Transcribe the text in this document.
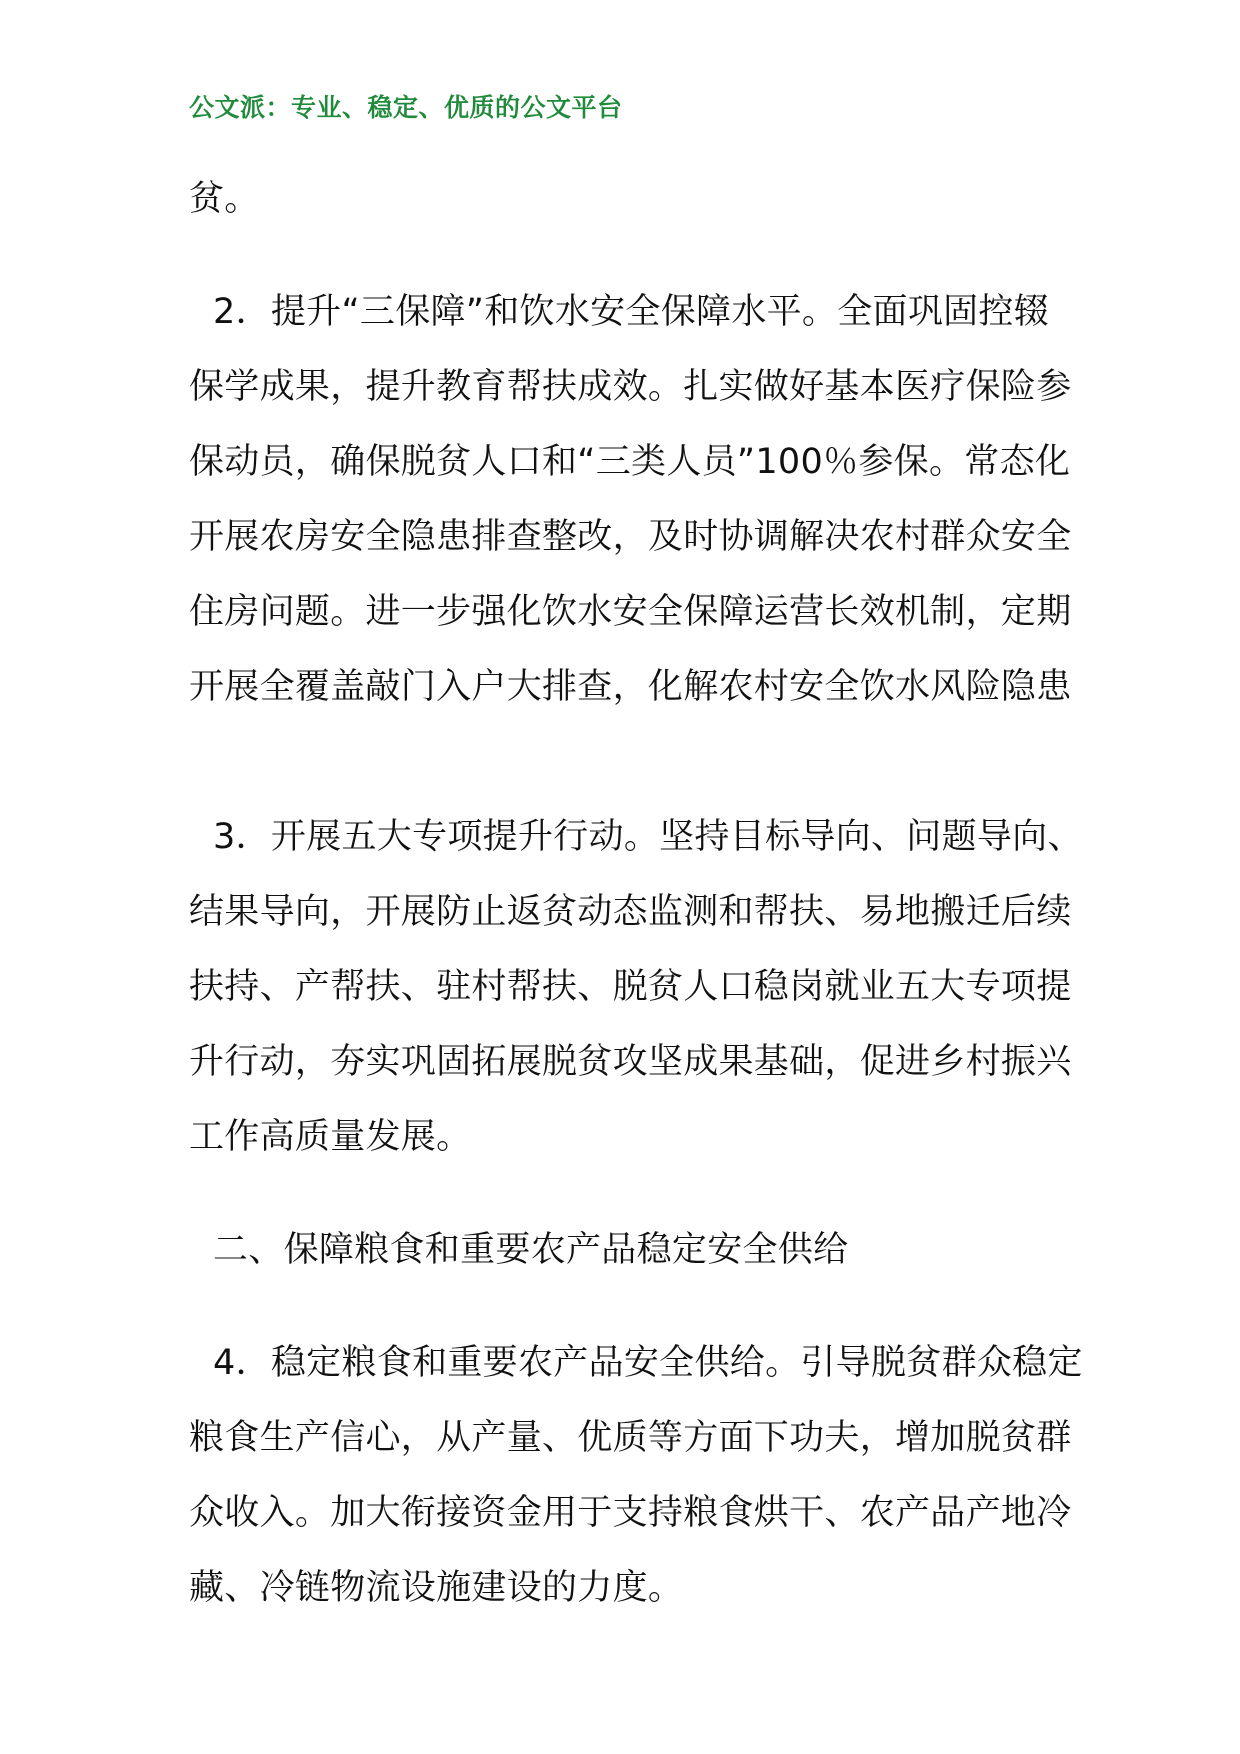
公文派：专业、稳定、优质的公文平台
贫。
2．提升“三保障”和饮水安全保障水平。全面巩固控辍
保学成果，提升教育帮扶成效。扎实做好基本医疗保险参
保动员，确保脱贫人口和“三类人员”100％参保。常态化
开展农房安全隐患排查整改，及时协调解决农村群众安全
住房问题。进一步强化饮水安全保障运营长效机制，定期
开展全覆盖敲门入户大排查，化解农村安全饮水风险隐患
3．开展五大专项提升行动。坚持目标导向、问题导向、
结果导向，开展防止返贫动态监测和帮扶、易地搬迁后续
扶持、产帮扶、驻村帮扶、脱贫人口稳岗就业五大专项提
升行动，夯实巩固拓展脱贫攻坚成果基础，促进乡村振兴
工作高质量发展。
二、保障粮食和重要农产品稳定安全供给
4．稳定粮食和重要农产品安全供给。引导脱贫群众稳定
粮食生产信心，从产量、优质等方面下功夫，增加脱贫群
众收入。加大衔接资金用于支持粮食烘干、农产品产地冷
藏、冷链物流设施建设的力度。
